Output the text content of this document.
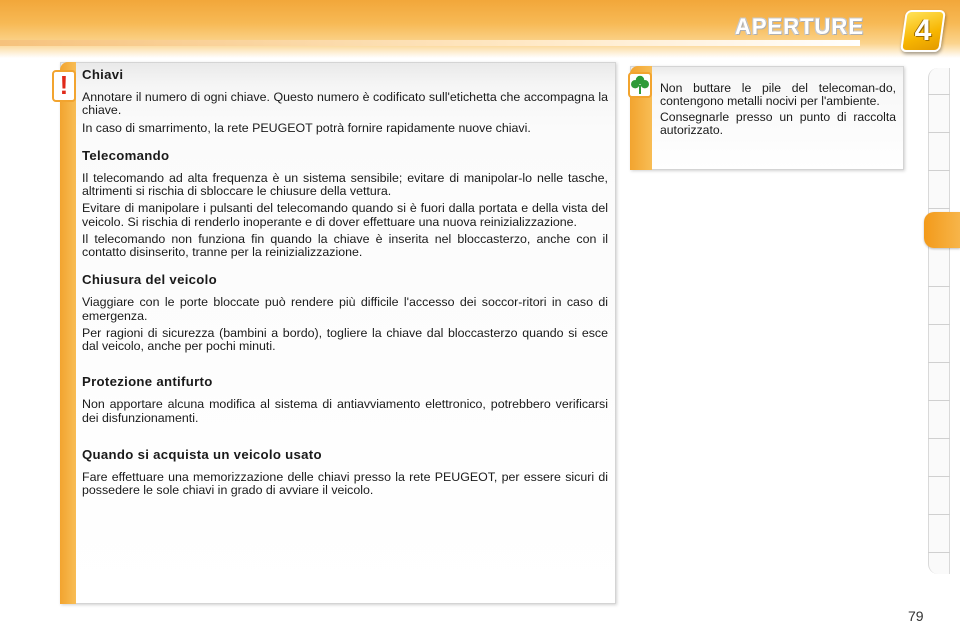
APERTURE	4
!	Chiavi

Annotare il numero di ogni chiave. Questo numero è codificato sull'etichetta che accompagna la chiave.

In caso di smarrimento, la rete PEUGEOT potrà fornire rapidamente nuove chiavi.

Telecomando

Il telecomando ad alta frequenza è un sistema sensibile; evitare di manipolar-lo nelle tasche, altrimenti si rischia di sbloccare le chiusure della vettura.

Evitare di manipolare i pulsanti del telecomando quando si è fuori dalla portata e della vista del veicolo. Si rischia di renderlo inoperante e di dover effettuare una nuova reinizializzazione.

Il telecomando non funziona fin quando la chiave è inserita nel bloccasterzo, anche con il contatto disinserito, tranne per la reinizializzazione.

Chiusura del veicolo

Viaggiare con le porte bloccate può rendere più difficile l'accesso dei soccor-ritori in caso di emergenza.

Per ragioni di sicurezza (bambini a bordo), togliere la chiave dal bloccasterzo quando si esce dal veicolo, anche per pochi minuti.

Protezione antifurto

Non apportare alcuna modifica al sistema di antiavviamento elettronico, potrebbero verificarsi dei disfunzionamenti.

Quando si acquista un veicolo usato

Fare effettuare una memorizzazione delle chiavi presso la rete PEUGEOT, per essere sicuri di possedere le sole chiavi in grado di avviare il veicolo.

Non buttare le pile del telecoman-do, contengono metalli nocivi per l'ambiente.

Consegnarle presso un punto di raccolta autorizzato.

79
